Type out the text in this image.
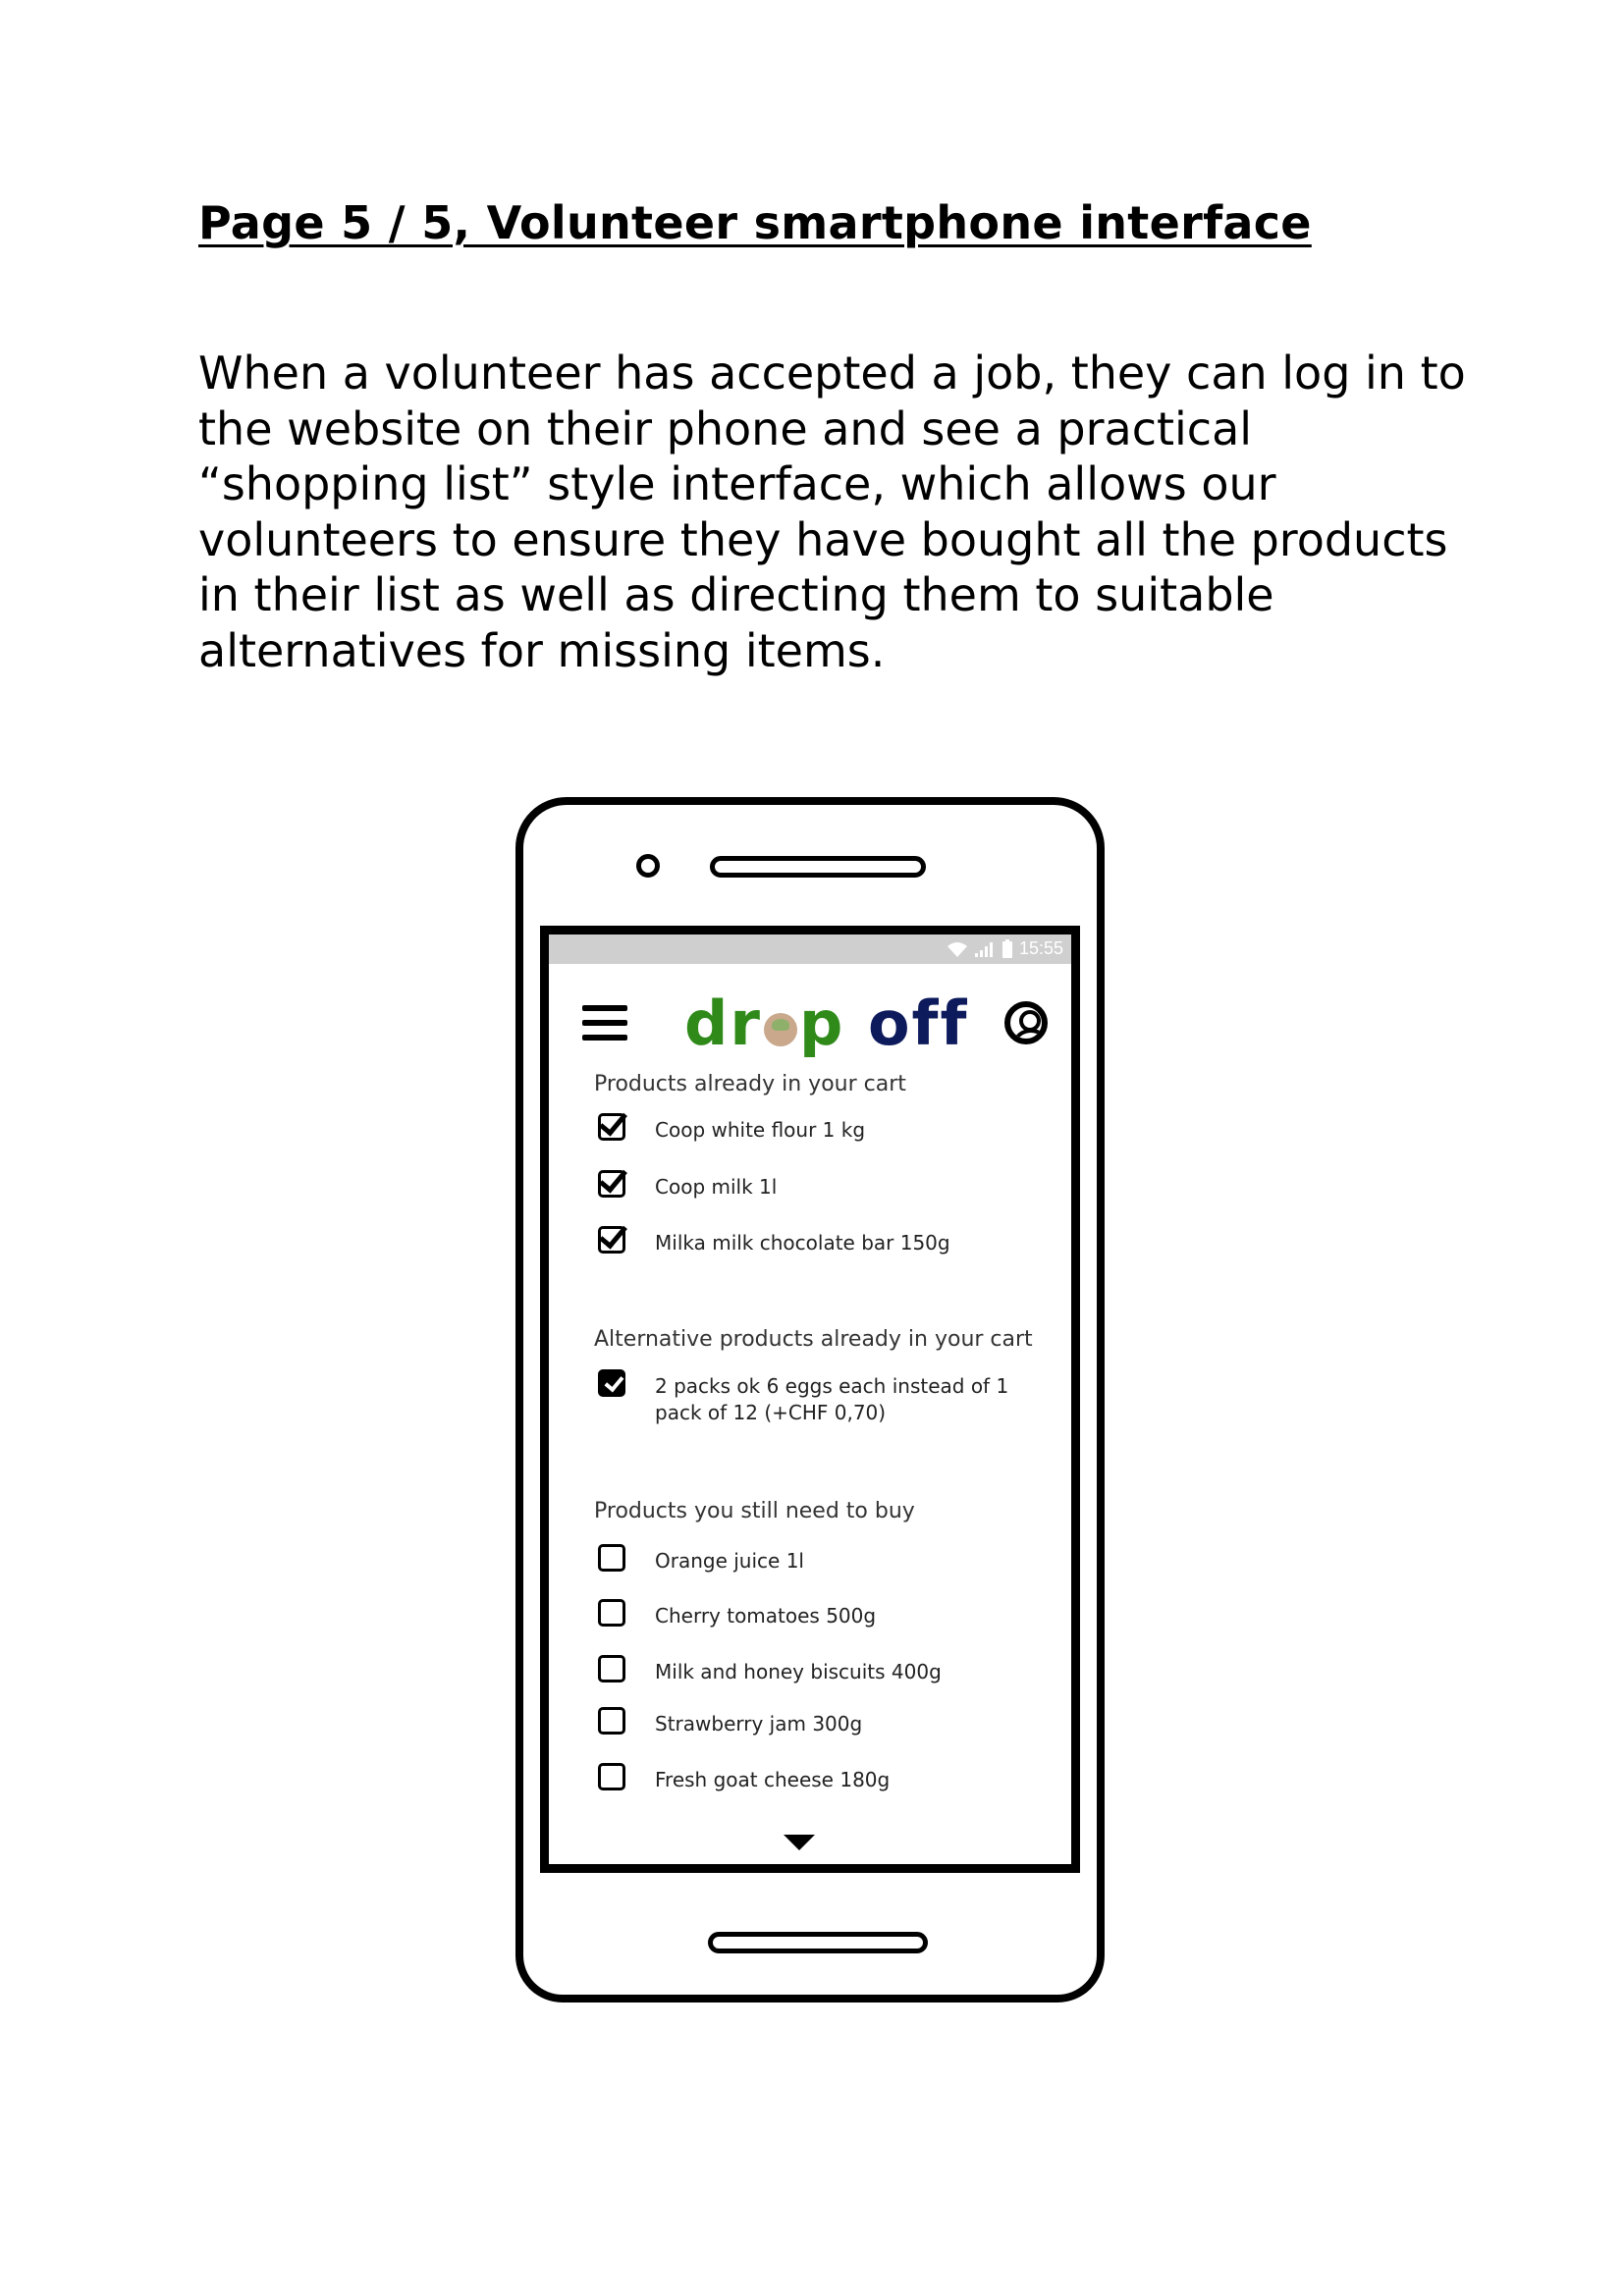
Page 5 / 5, Volunteer smartphone interface
When a volunteer has accepted a job, they can log in to
the website on their phone and see a practical
“shopping list” style interface, which allows our
volunteers to ensure they have bought all the products
in their list as well as directing them to suitable
alternatives for missing items.
15:55
dr p off
Products already in your cart
Coop white flour 1 kg
Coop milk 1l
Milka milk chocolate bar 150g
Alternative products already in your cart
2 packs ok 6 eggs each instead of 1 pack of 12 (+CHF 0,70)
Products you still need to buy
Orange juice 1l
Cherry tomatoes 500g
Milk and honey biscuits 400g
Strawberry jam 300g
Fresh goat cheese 180g
